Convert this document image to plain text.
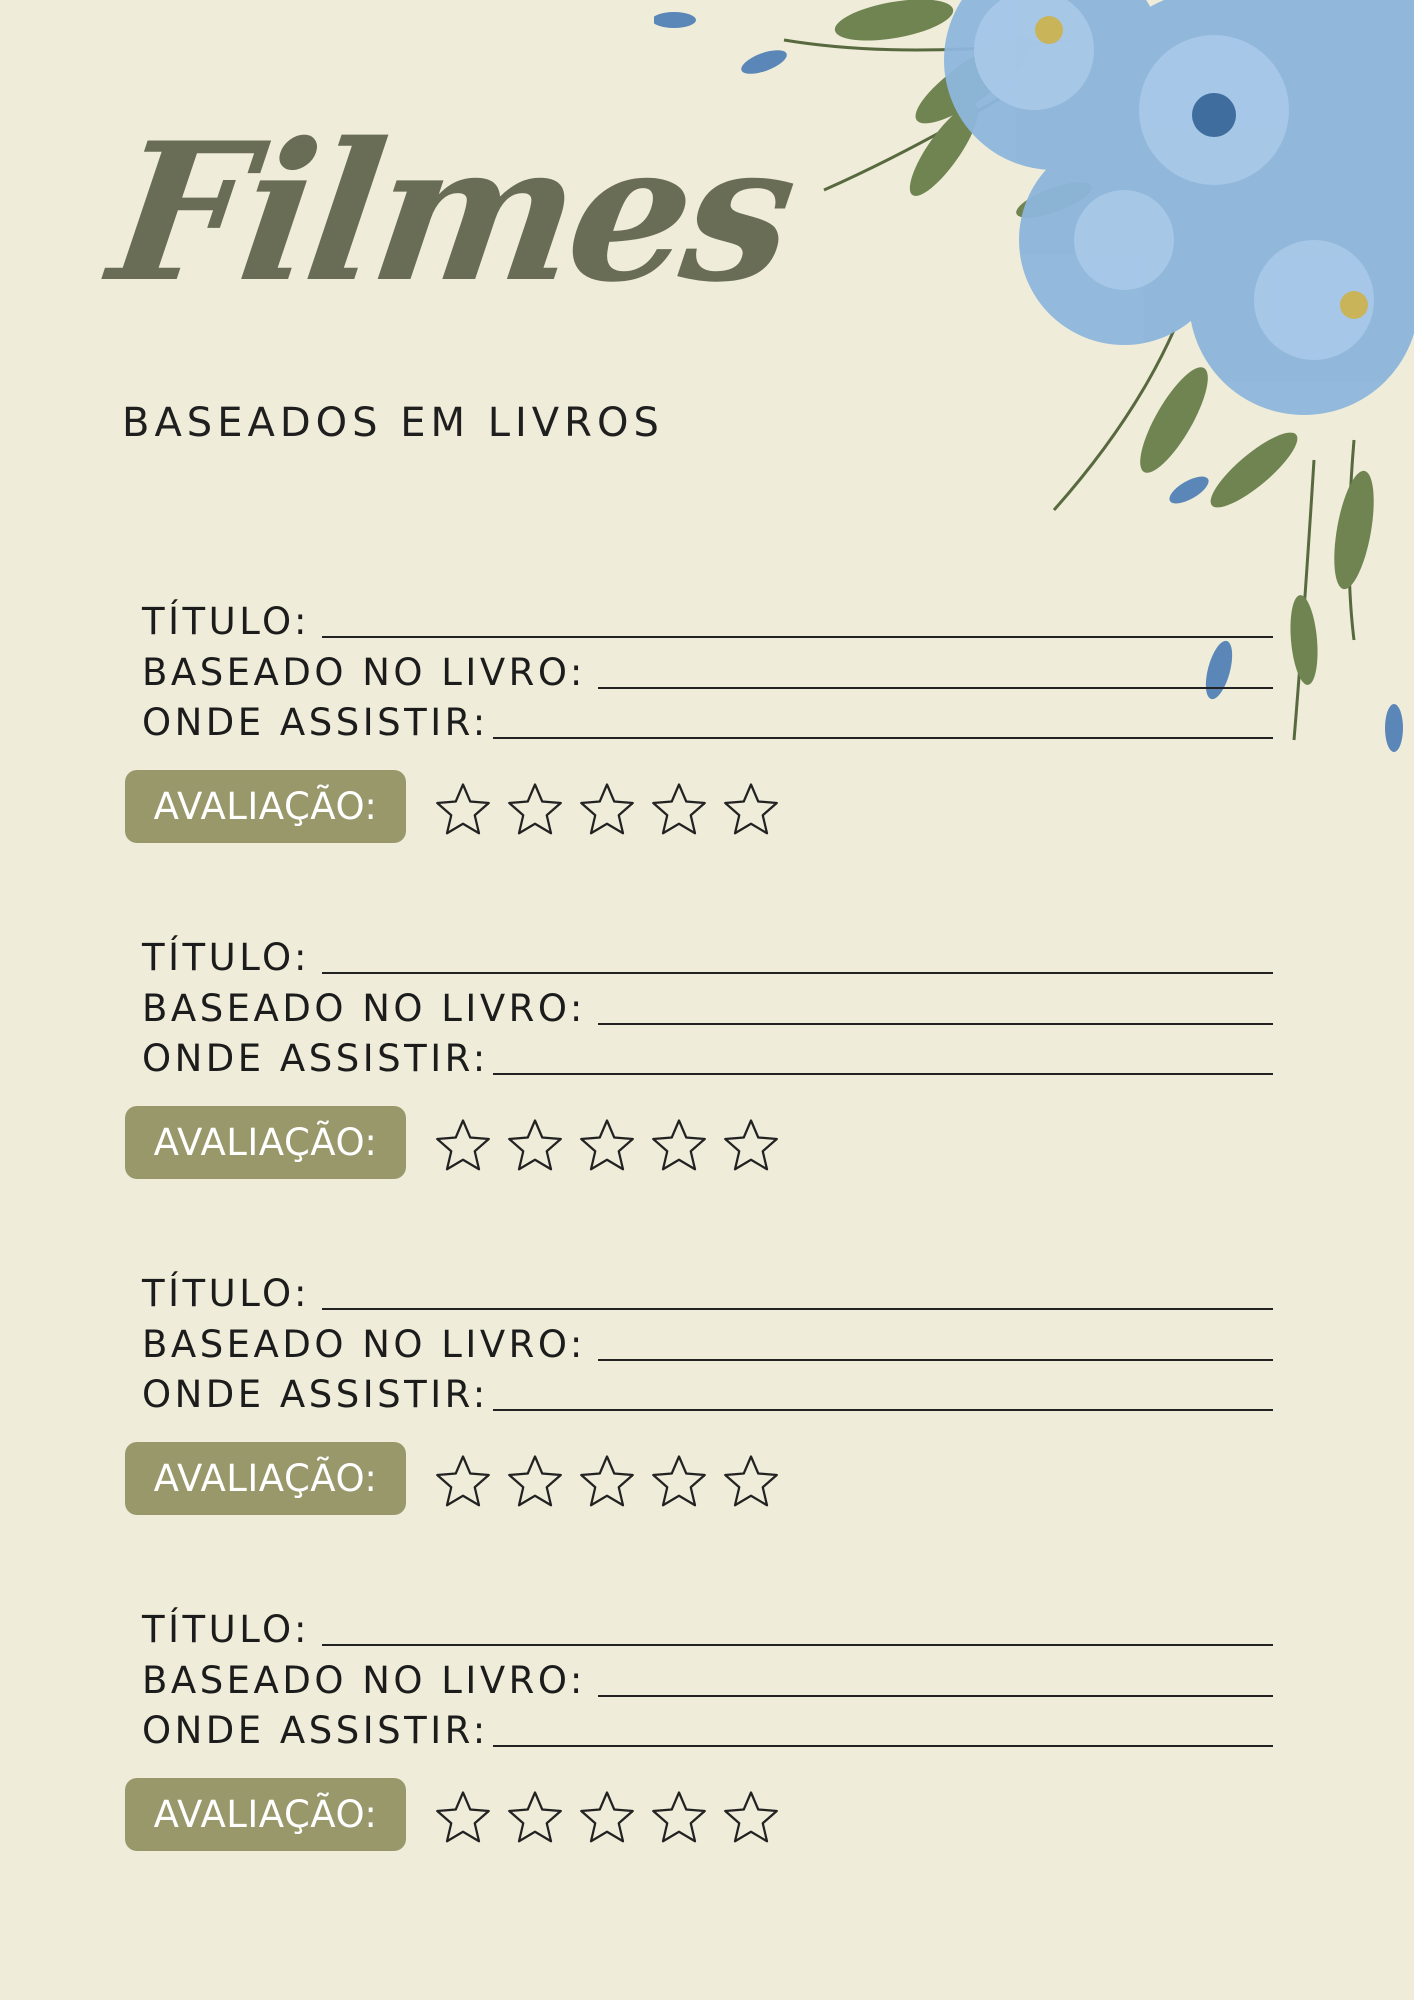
Filmes

BASEADOS EM LIVROS

TÍTULO:
BASEADO NO LIVRO:
ONDE ASSISTIR:
AVALIAÇÃO:
TÍTULO:
BASEADO NO LIVRO:
ONDE ASSISTIR:
AVALIAÇÃO:
TÍTULO:
BASEADO NO LIVRO:
ONDE ASSISTIR:
AVALIAÇÃO:
TÍTULO:
BASEADO NO LIVRO:
ONDE ASSISTIR:
AVALIAÇÃO:
